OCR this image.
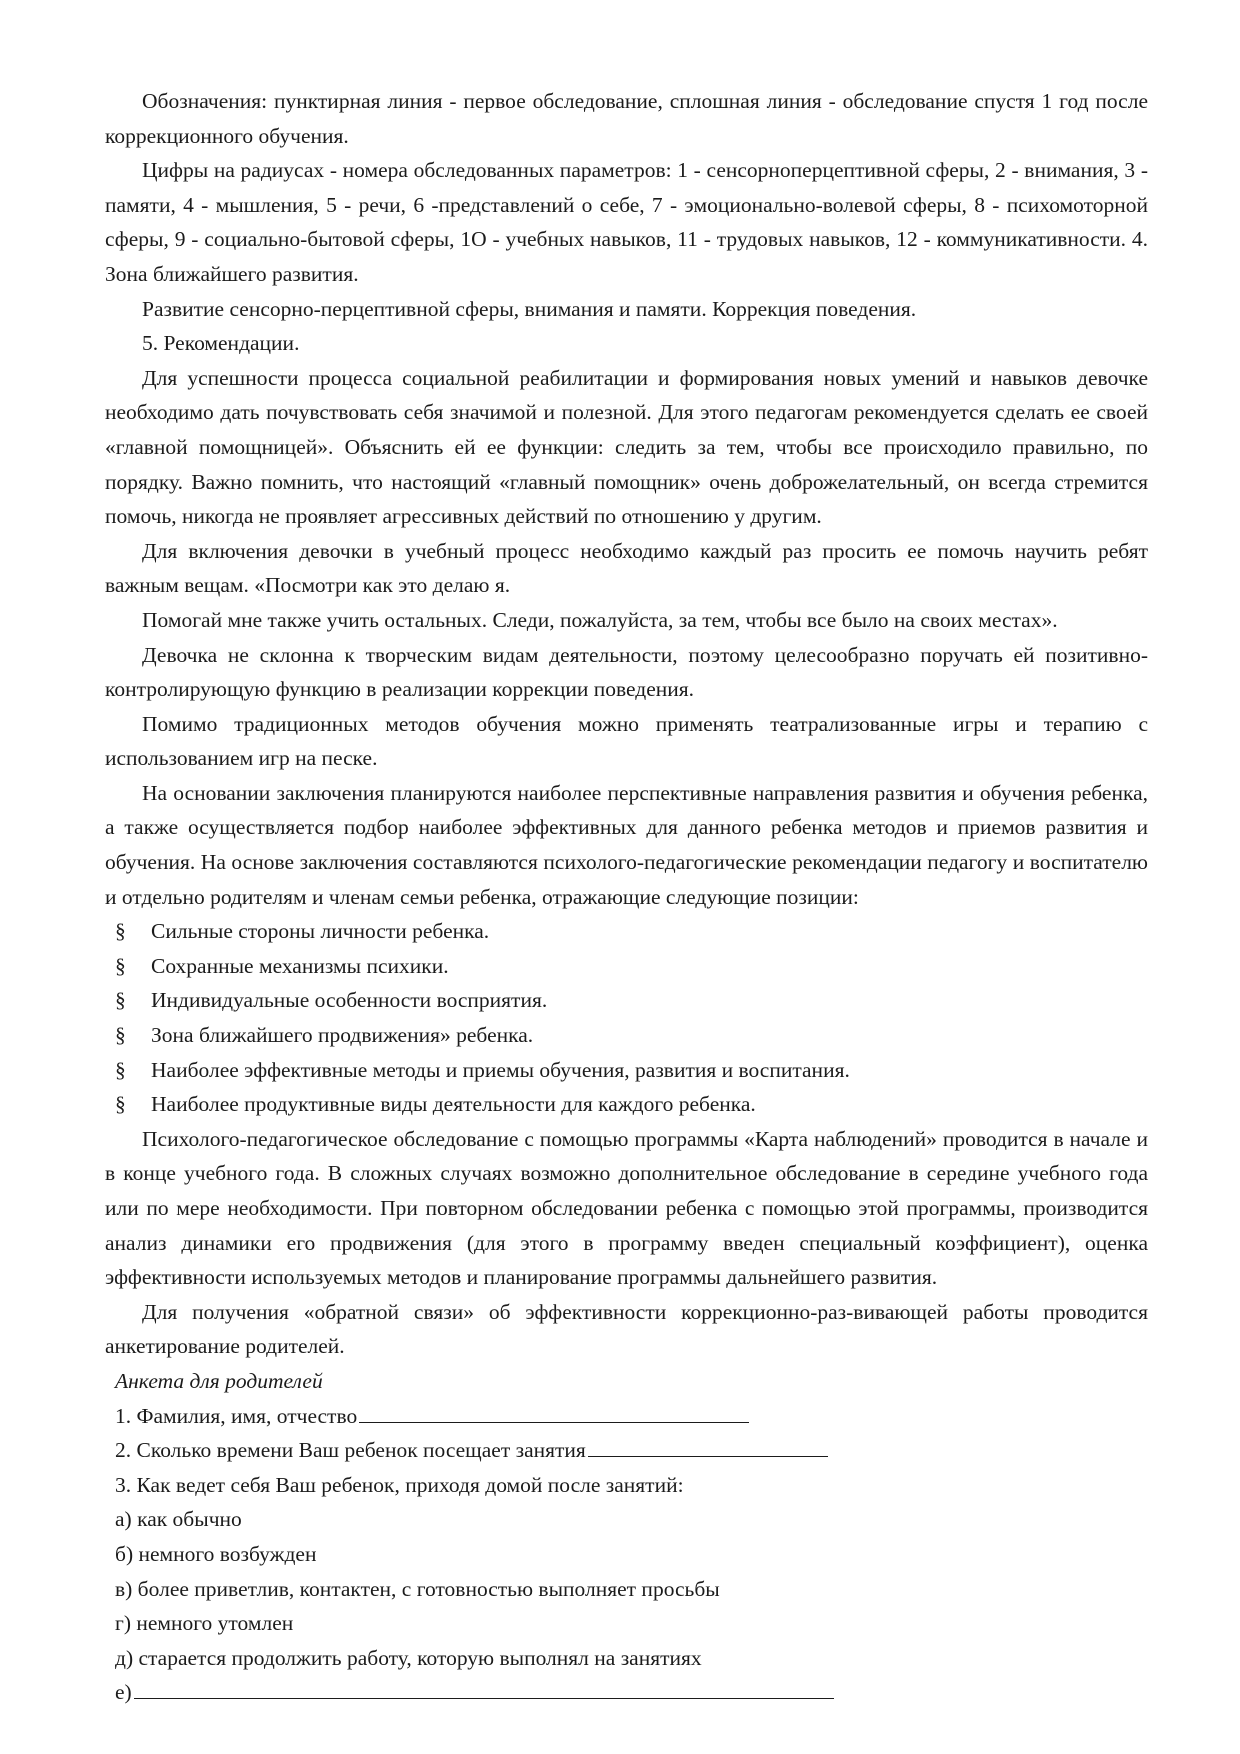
Обозначения: пунктирная линия - первое обследование, сплошная линия - обследование спустя 1 год после коррекционного обучения.

Цифры на радиусах - номера обследованных параметров: 1 - сенсорноперцептивной сферы, 2 - внимания, 3 - памяти, 4 - мышления, 5 - речи, 6 -представлений о себе, 7 - эмоционально-волевой сферы, 8 - психомоторной сферы, 9 - социально-бытовой сферы, 1О - учебных навыков, 11 - трудовых навыков, 12 - коммуникативности. 4. Зона ближайшего развития.

Развитие сенсорно-перцептивной сферы, внимания и памяти. Коррекция поведения.

5. Рекомендации.

Для успешности процесса социальной реабилитации и формирования новых умений и навыков девочке необходимо дать почувствовать себя значимой и полезной. Для этого педагогам рекомендуется сделать ее своей «главной помощницей». Объяснить ей ее функции: следить за тем, чтобы все происходило правильно, по порядку. Важно помнить, что настоящий «главный помощник» очень доброжелательный, он всегда стремится помочь, никогда не проявляет агрессивных действий по отношению у другим.

Для включения девочки в учебный процесс необходимо каждый раз просить ее помочь научить ребят важным вещам. «Посмотри как это делаю я.

Помогай мне также учить остальных. Следи, пожалуйста, за тем, чтобы все было на своих местах».

Девочка не склонна к творческим видам деятельности, поэтому целесообразно поручать ей позитивно-контролирующую функцию в реализации коррекции поведения.

Помимо традиционных методов обучения можно применять театрализованные игры и терапию с использованием игр на песке.

На основании заключения планируются наиболее перспективные направления развития и обучения ребенка, а также осуществляется подбор наиболее эффективных для данного ребенка методов и приемов развития и обучения. На основе заключения составляются психолого-педагогические рекомендации педагогу и воспитателю и отдельно родителям и членам семьи ребенка, отражающие следующие позиции:

§	Сильные стороны личности ребенка.
§	Сохранные механизмы психики.
§	Индивидуальные особенности восприятия.
§	Зона ближайшего продвижения» ребенка.
§	Наиболее эффективные методы и приемы обучения, развития и воспитания.
§	Наиболее продуктивные виды деятельности для каждого ребенка.

Психолого-педагогическое обследование с помощью программы «Карта наблюдений» проводится в начале и в конце учебного года. В сложных случаях возможно дополнительное обследование в середине учебного года или по мере необходимости. При повторном обследовании ребенка с помощью этой программы, производится анализ динамики его продвижения (для этого в программу введен специальный коэффициент), оценка эффективности используемых методов и планирование программы дальнейшего развития.

Для получения «обратной связи» об эффективности коррекционно-раз-вивающей работы проводится анкетирование родителей.

Анкета для родителей

1. Фамилия, имя, отчество

2. Сколько времени Ваш ребенок посещает занятия

3. Как ведет себя Ваш ребенок, приходя домой после занятий:

а) как обычно

б) немного возбужден

в) более приветлив, контактен, с готовностью выполняет просьбы

г) немного утомлен

д) старается продолжить работу, которую выполнял на занятиях

е)
